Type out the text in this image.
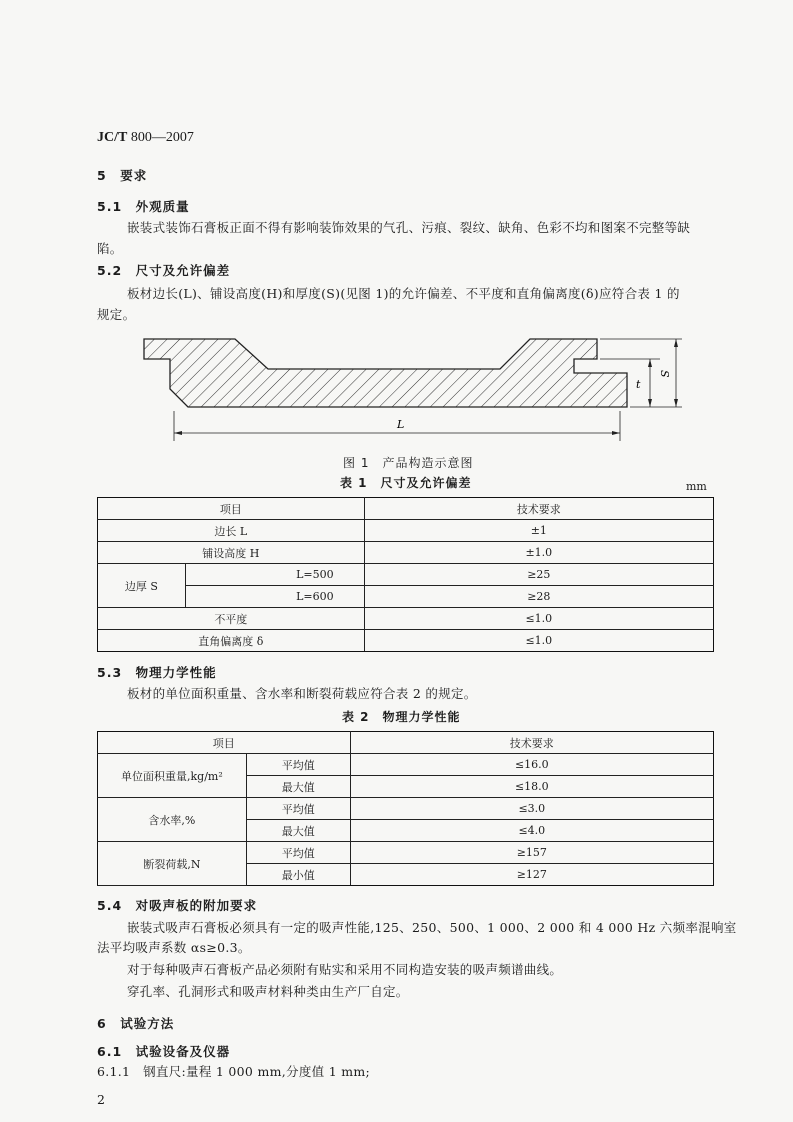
JC/T 800—2007
5　要求
5.1　外观质量
嵌装式装饰石膏板正面不得有影响装饰效果的气孔、污痕、裂纹、缺角、色彩不均和图案不完整等缺
陷。
5.2　尺寸及允许偏差
板材边长(L)、铺设高度(H)和厚度(S)(见图 1)的允许偏差、不平度和直角偏离度(δ)应符合表 1 的
规定。
L
t
S
图 1　产品构造示意图
表 1　尺寸及允许偏差	mm
项目		技术要求
边长 L		±1
铺设高度 H		±1.0
边厚 S	L=500	≥25
	L=600	≥28
不平度		≤1.0
直角偏离度 δ		≤1.0
5.3　物理力学性能
板材的单位面积重量、含水率和断裂荷载应符合表 2 的规定。
表 2　物理力学性能
项目		技术要求
单位面积重量,kg/m²	平均值	≤16.0
	最大值	≤18.0
含水率,%	平均值	≤3.0
	最大值	≤4.0
断裂荷载,N	平均值	≥157
	最小值	≥127
5.4　对吸声板的附加要求
嵌装式吸声石膏板必须具有一定的吸声性能,125、250、500、1 000、2 000 和 4 000 Hz 六频率混响室
法平均吸声系数 αs≥0.3。
对于每种吸声石膏板产品必须附有贴实和采用不同构造安装的吸声频谱曲线。
穿孔率、孔洞形式和吸声材料种类由生产厂自定。
6　试验方法
6.1　试验设备及仪器
6.1.1　钢直尺:量程 1 000 mm,分度值 1 mm;
2
